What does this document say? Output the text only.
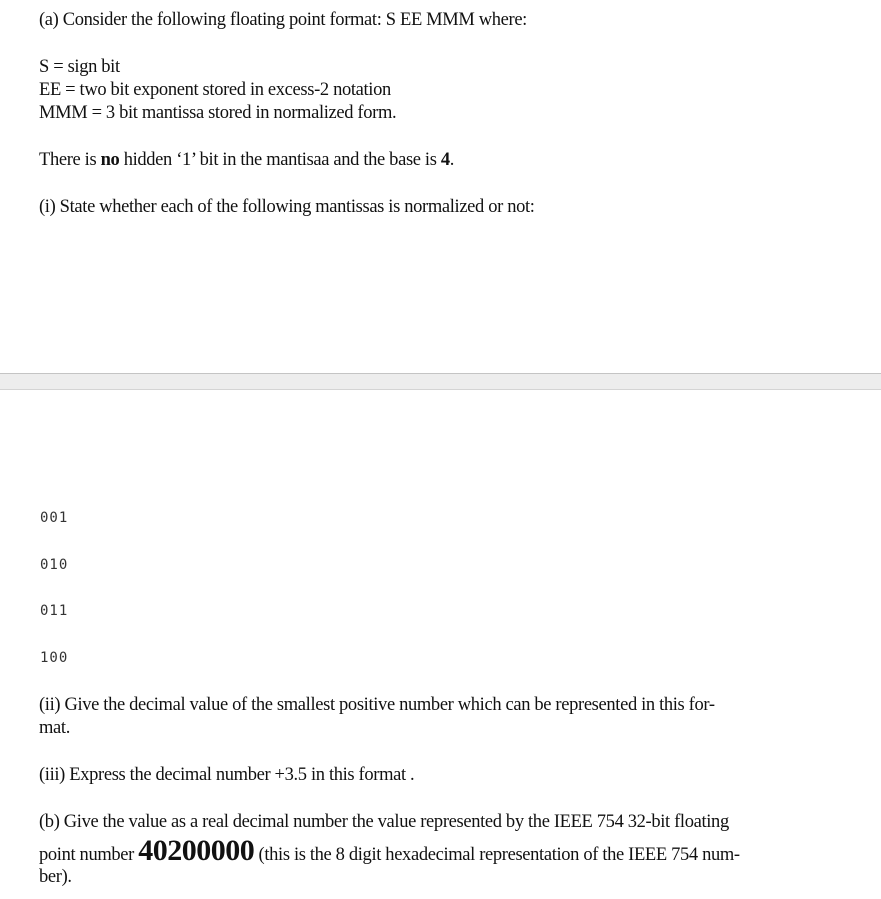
(a) Consider the following floating point format: S EE MMM where:
S = sign bit
EE = two bit exponent stored in excess-2 notation
MMM = 3 bit mantissa stored in normalized form.
There is no hidden ‘1’ bit in the mantisaa and the base is 4.
(i) State whether each of the following mantissas is normalized or not:
001
010
011
100
(ii) Give the decimal value of the smallest positive number which can be represented in this for-
mat.
(iii) Express the decimal number +3.5 in this format .
(b) Give the value as a real decimal number the value represented by the IEEE 754 32-bit floating
point number 40200000 (this is the 8 digit hexadecimal representation of the IEEE 754 num-
ber).
